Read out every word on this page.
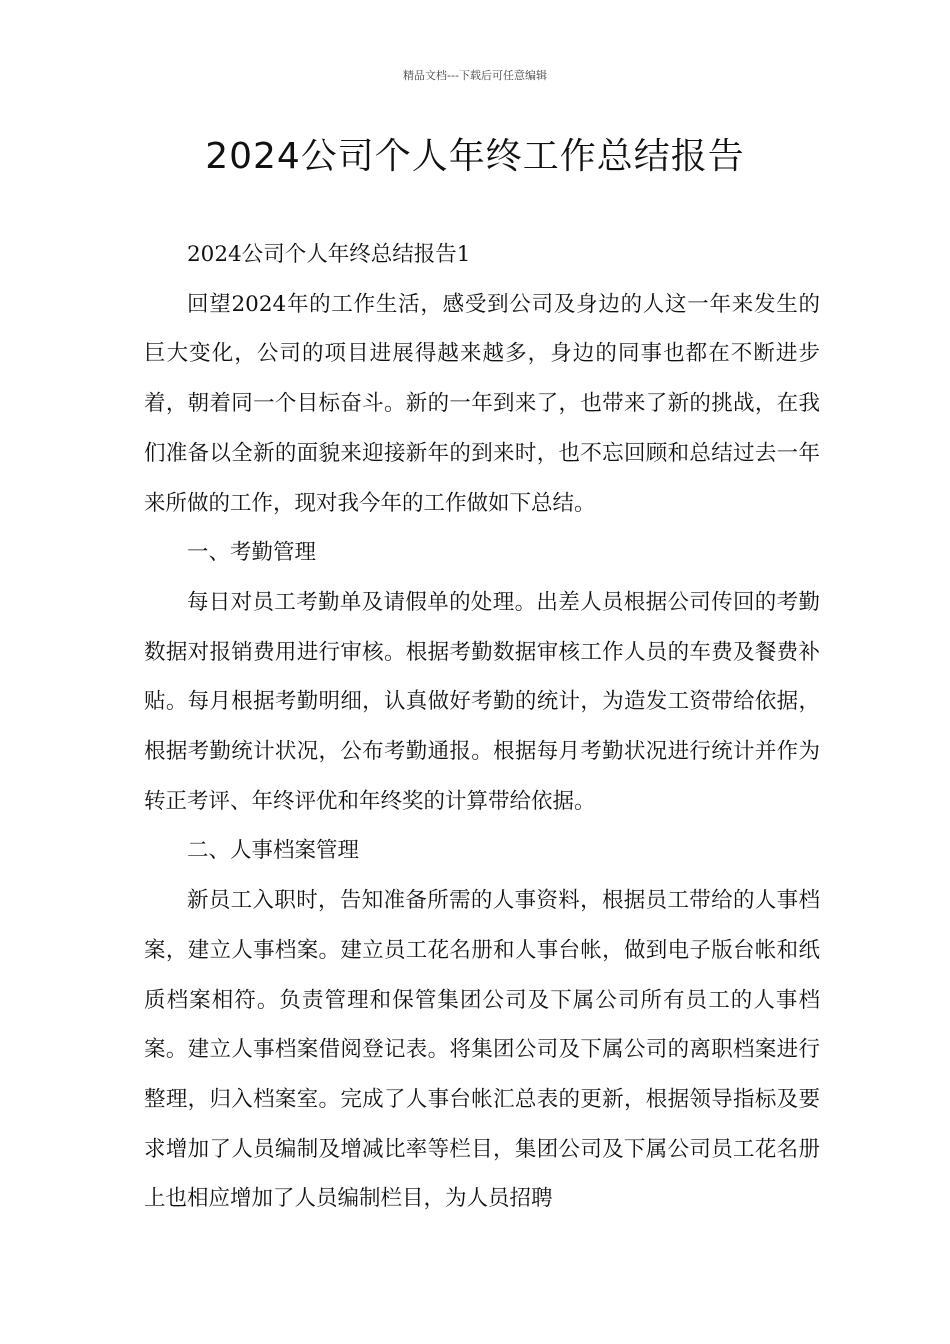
精品文档---下载后可任意编辑
2024公司个人年终工作总结报告

2024公司个人年终总结报告1

回望2024年的工作生活，感受到公司及身边的人这一年来发生的巨大变化，公司的项目进展得越来越多，身边的同事也都在不断进步着，朝着同一个目标奋斗。新的一年到来了，也带来了新的挑战，在我们准备以全新的面貌来迎接新年的到来时，也不忘回顾和总结过去一年来所做的工作，现对我今年的工作做如下总结。

一、考勤管理

每日对员工考勤单及请假单的处理。出差人员根据公司传回的考勤数据对报销费用进行审核。根据考勤数据审核工作人员的车费及餐费补贴。每月根据考勤明细，认真做好考勤的统计，为造发工资带给依据，根据考勤统计状况，公布考勤通报。根据每月考勤状况进行统计并作为转正考评、年终评优和年终奖的计算带给依据。

二、人事档案管理

新员工入职时，告知准备所需的人事资料，根据员工带给的人事档案，建立人事档案。建立员工花名册和人事台帐，做到电子版台帐和纸质档案相符。负责管理和保管集团公司及下属公司所有员工的人事档案。建立人事档案借阅登记表。将集团公司及下属公司的离职档案进行整理，归入档案室。完成了人事台帐汇总表的更新，根据领导指标及要求增加了人员编制及增减比率等栏目，集团公司及下属公司员工花名册上也相应增加了人员编制栏目，为人员招聘
